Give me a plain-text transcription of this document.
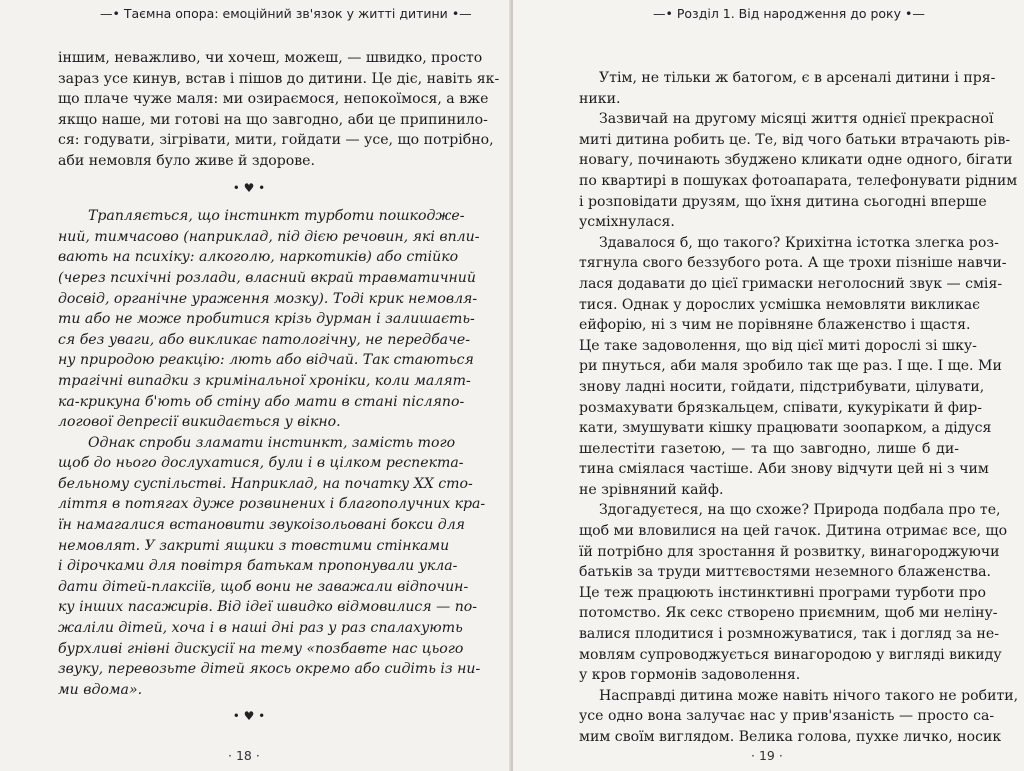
—• Таємна опора: емоційний зв'язок у житті дитини •—

іншим, неважливо, чи хочеш, можеш, — швидко, просто
зараз усе кинув, встав і пішов до дитини. Це діє, навіть як-
що плаче чуже маля: ми озираємося, непокоїмося, а вже
якщо наше, ми готові на що завгодно, аби це припинило-
ся: годувати, зігрівати, мити, гойдати — усе, що потрібно,
аби немовля було живе й здорове.

• ♥ •

Трапляється, що інстинкт турботи пошкоджe-
ний, тимчасово (наприклад, під дією речовин, які впли-
вають на психіку: алкоголю, наркотиків) або стійко
(через психічні розлади, власний вкрай травматичний
досвід, органічне ураження мозку). Тоді крик немовля-
ти або не може пробитися крізь дурман і залишаєть-
ся без уваги, або викликає патологічну, не передбачe-
ну природою реакцію: лють або відчай. Так стаються
трагічні випадки з кримінальної хроніки, коли малят-
ка-крикуна б'ють об стіну або мати в стані післяпо-
логової депресії викидається у вікно.

Однак спроби зламати інстинкт, замість того
щоб до нього дослухатися, були і в цілком респекта-
бельному суспільстві. Наприклад, на початку XX сто-
ліття в потягах дуже розвинених і благополучних кра-
їн намагалися встановити звукоізольовані бокси для
немовлят. У закриті ящики з товстими стінками
і дірочками для повітря батькам пропонували укла-
дати дітей-плаксіїв, щоб вони не заважали відпочин-
ку інших пасажирів. Від ідеї швидко відмовилися — по-
жаліли дітей, хоча і в наші дні раз у раз спалахують
бурхливі гнівні дискусії на тему «позбавте нас цього
звуку, перевозьте дітей якось окремо або сидіть із ни-
ми вдома».

• ♥ •
· 18 ·
—• Розділ 1. Від народження до року •—

Утім, не тільки ж батогом, є в арсеналі дитини і пря-
ники.

Зазвичай на другому місяці життя однієї прекрасної
миті дитина робить це. Те, від чого батьки втрачають рів-
новагу, починають збуджено кликати одне одного, бігати
по квартирі в пошуках фотоапарата, телефонувати рідним
і розповідати друзям, що їхня дитина сьогодні вперше
усміхнулася.

Здавалося б, що такого? Крихітна істотка злегка роз-
тягнула свого беззубого рота. А ще трохи пізніше навчи-
лася додавати до цієї гримаски неголосний звук — смія-
тися. Однак у дорослих усмішка немовляти викликає
ейфорію, ні з чим не порівняне блаженство і щастя.
Це таке задоволення, що від цієї миті дорослі зі шку-
ри пнуться, аби маля зробило так ще раз. І ще. І ще. Ми
знову ладні носити, гойдати, підстрибувати, цілувати,
розмахувати брязкальцем, співати, кукурікати й фир-
кати, змушувати кішку працювати зоопарком, а дідуся
шелестіти газетою, — та що завгодно, лише б ди-
тина сміялася частіше. Аби знову відчути цей ні з чим
не зрівняний кайф.

Здогадуєтеся, на що схоже? Природа подбала про те,
щоб ми вловилися на цей гачок. Дитина отримає все, що
їй потрібно для зростання й розвитку, винагороджуючи
батьків за труди миттєвостями неземного блаженства.
Це теж працюють інстинктивні програми турботи про
потомство. Як секс створено приємним, щоб ми неліну-
валися плодитися і розмножуватися, так і догляд за не-
мовлям супроводжується винагородою у вигляді викиду
у кров гормонів задоволення.

Насправді дитина може навіть нічого такого не робити,
усе одно вона залучає нас у прив'язаність — просто са-
мим своїм виглядом. Велика голова, пухке личко, носик

· 19 ·
